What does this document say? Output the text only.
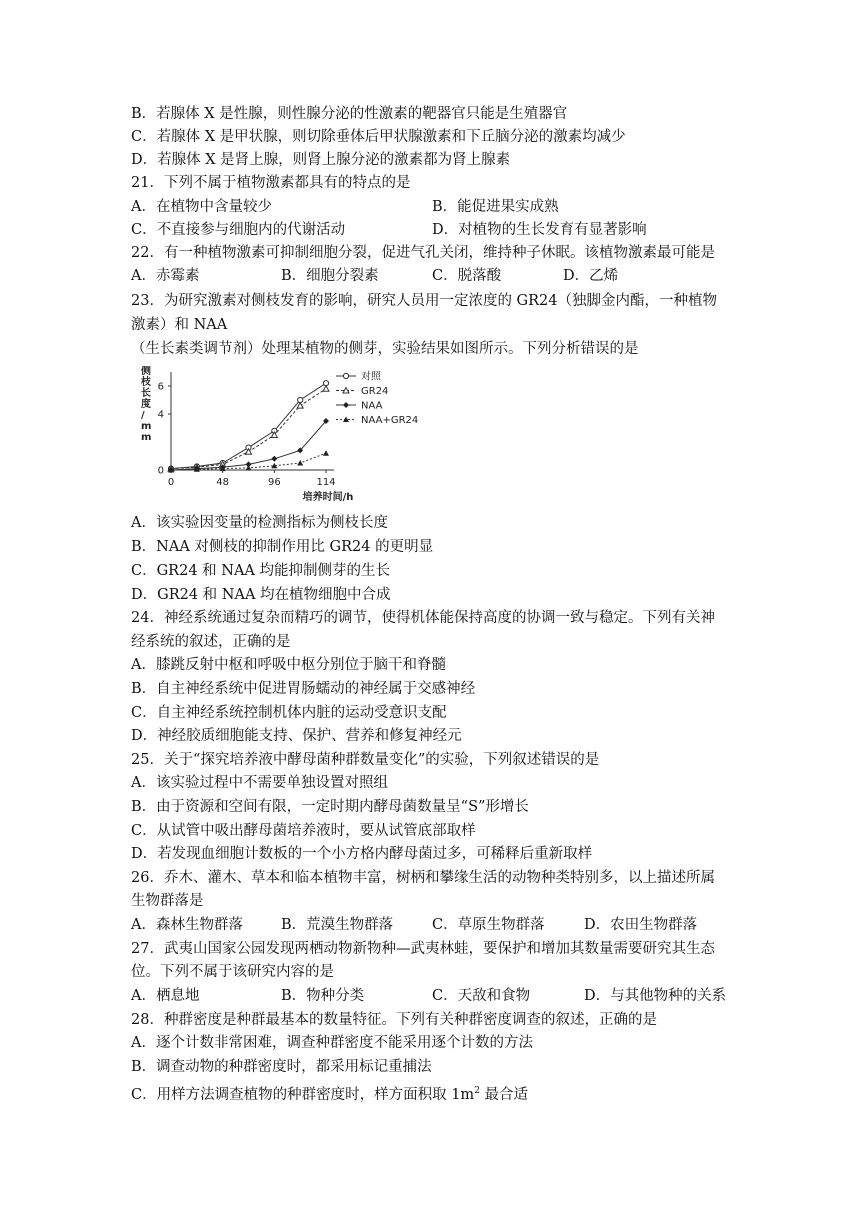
B．若腺体 X 是性腺，则性腺分泌的性激素的靶器官只能是生殖器官
C．若腺体 X 是甲状腺，则切除垂体后甲状腺激素和下丘脑分泌的激素均减少
D．若腺体 X 是肾上腺，则肾上腺分泌的激素都为肾上腺素
21．下列不属于植物激素都具有的特点的是
A．在植物中含量较少	B．能促进果实成熟
C．不直接参与细胞内的代谢活动	D．对植物的生长发育有显著影响
22．有一种植物激素可抑制细胞分裂，促进气孔关闭，维持种子休眠。该植物激素最可能是
A．赤霉素	B．细胞分裂素	C．脱落酸	D．乙烯
23．为研究激素对侧枝发育的影响，研究人员用一定浓度的 GR24（独脚金内酯，一种植物
激素）和 NAA
（生长素类调节剂）处理某植物的侧芽，实验结果如图所示。下列分析错误的是
侧枝长度/ m m
0
4
6
0	48	96	114
培养时间/h
对照
GR24
NAA
NAA+GR24
A．该实验因变量的检测指标为侧枝长度
B．NAA 对侧枝的抑制作用比 GR24 的更明显
C．GR24 和 NAA 均能抑制侧芽的生长
D．GR24 和 NAA 均在植物细胞中合成
24．神经系统通过复杂而精巧的调节，使得机体能保持高度的协调一致与稳定。下列有关神
经系统的叙述，正确的是
A．膝跳反射中枢和呼吸中枢分别位于脑干和脊髓
B．自主神经系统中促进胃肠蠕动的神经属于交感神经
C．自主神经系统控制机体内脏的运动受意识支配
D．神经胶质细胞能支持、保护、营养和修复神经元
25．关于“探究培养液中酵母菌种群数量变化”的实验，下列叙述错误的是
A．该实验过程中不需要单独设置对照组
B．由于资源和空间有限，一定时期内酵母菌数量呈“S”形增长
C．从试管中吸出酵母菌培养液时，要从试管底部取样
D．若发现血细胞计数板的一个小方格内酵母菌过多，可稀释后重新取样
26．乔木、灌木、草本和临本植物丰富，树柄和攀缘生活的动物种类特别多，以上描述所属
生物群落是
A．森林生物群落	B．荒漠生物群落	C．草原生物群落	D．农田生物群落
27．武夷山国家公园发现两栖动物新物种—武夷林蛙，要保护和增加其数量需要研究其生态
位。下列不属于该研究内容的是
A．栖息地	B．物种分类	C．天敌和食物	D．与其他物种的关系
28．种群密度是种群最基本的数量特征。下列有关种群密度调查的叙述，正确的是
A．逐个计数非常困难，调查种群密度不能采用逐个计数的方法
B．调查动物的种群密度时，都采用标记重捕法
C．用样方法调查植物的种群密度时，样方面积取 $1m^2$ 最合适
